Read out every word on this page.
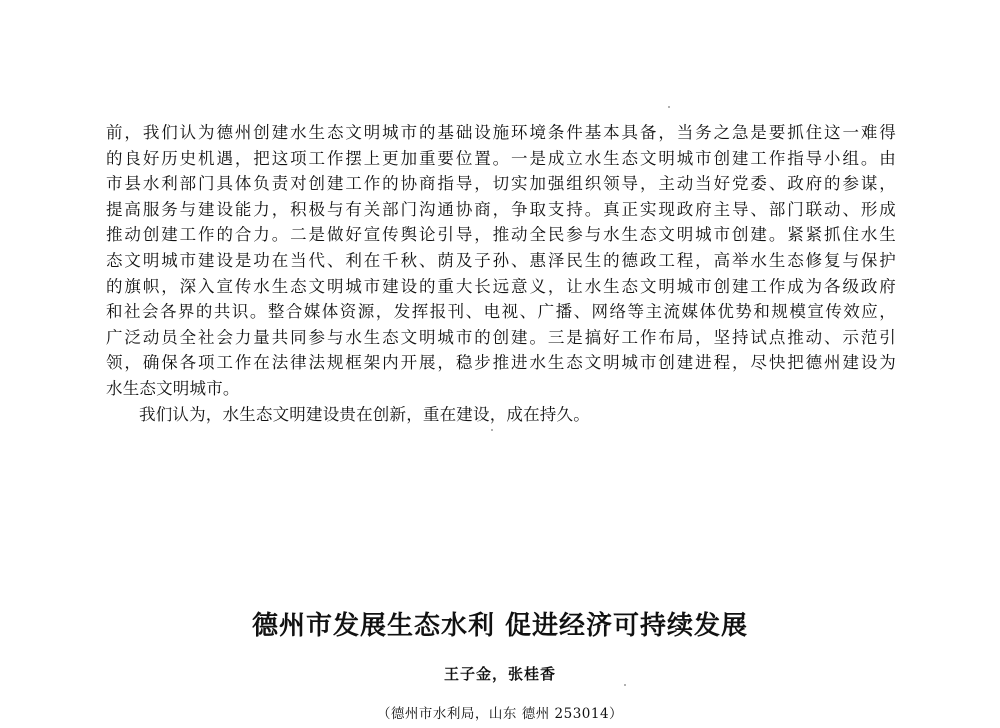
前，我们认为德州创建水生态文明城市的基础设施环境条件基本具备，当务之急是要抓住这一难得
的良好历史机遇，把这项工作摆上更加重要位置。一是成立水生态文明城市创建工作指导小组。由
市县水利部门具体负责对创建工作的协商指导，切实加强组织领导，主动当好党委、政府的参谋，
提高服务与建设能力，积极与有关部门沟通协商，争取支持。真正实现政府主导、部门联动、形成
推动创建工作的合力。二是做好宣传舆论引导，推动全民参与水生态文明城市创建。紧紧抓住水生
态文明城市建设是功在当代、利在千秋、荫及子孙、惠泽民生的德政工程，高举水生态修复与保护
的旗帜，深入宣传水生态文明城市建设的重大长远意义，让水生态文明城市创建工作成为各级政府
和社会各界的共识。整合媒体资源，发挥报刊、电视、广播、网络等主流媒体优势和规模宣传效应，
广泛动员全社会力量共同参与水生态文明城市的创建。三是搞好工作布局，坚持试点推动、示范引
领，确保各项工作在法律法规框架内开展，稳步推进水生态文明城市创建进程，尽快把德州建设为
水生态文明城市。
我们认为，水生态文明建设贵在创新，重在建设，成在持久。
德州市发展生态水利 促进经济可持续发展
王子金，张桂香
（德州市水利局，山东 德州 253014）
